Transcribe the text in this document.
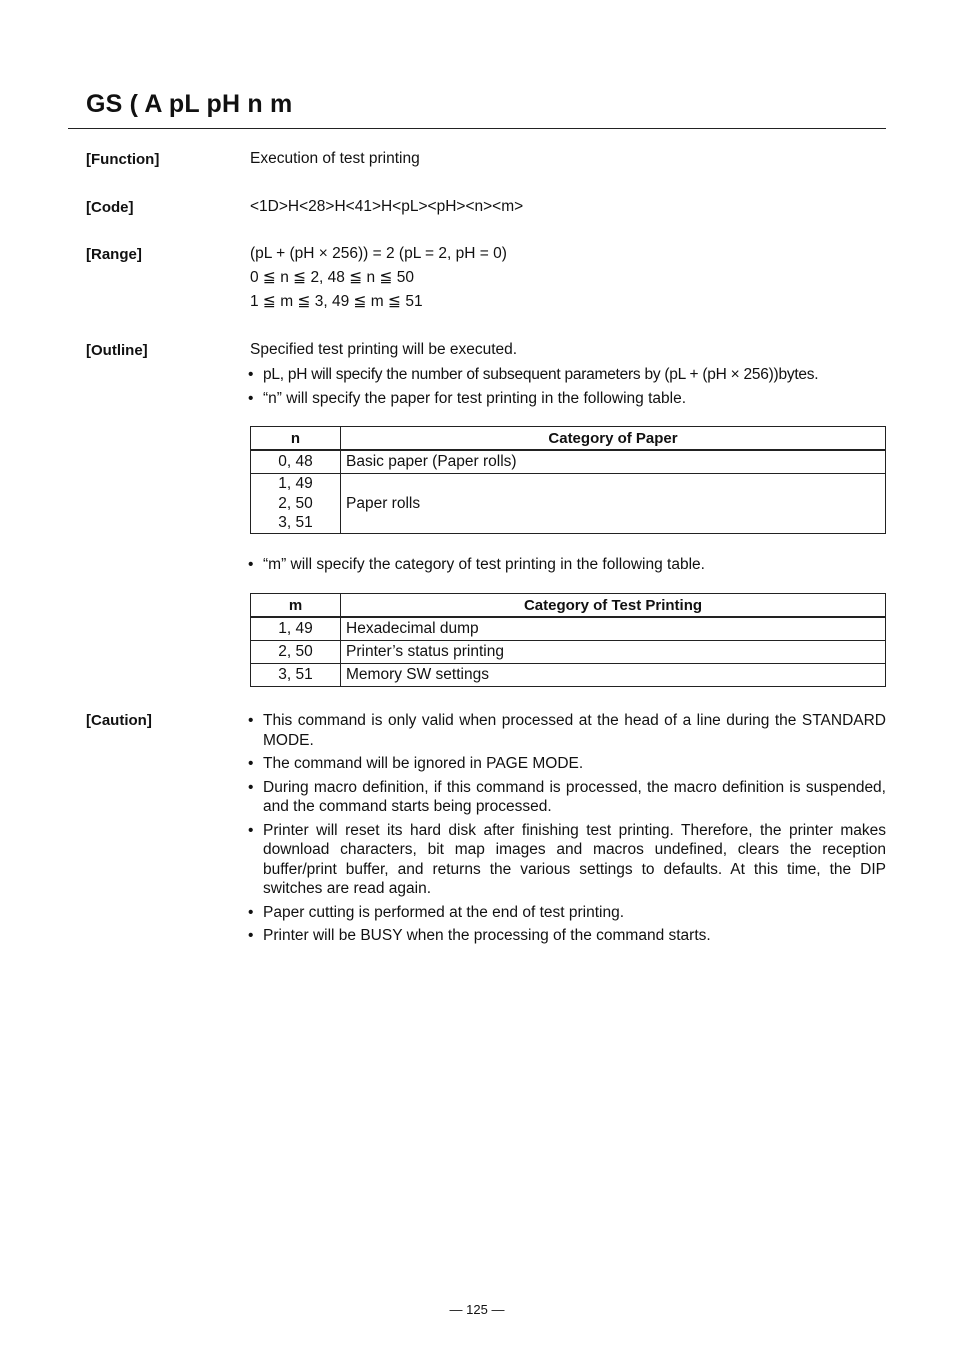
GS ( A pL pH n m
[Function]	Execution of test printing
[Code]	<1D>H<28>H<41>H<pL><pH><n><m>
[Range]	(pL + (pH × 256)) = 2 (pL = 2, pH = 0)
0 ≦ n ≦ 2, 48 ≦ n ≦ 50
1 ≦ m ≦ 3, 49 ≦ m ≦ 51
[Outline]	Specified test printing will be executed.
• pL, pH will specify the number of subsequent parameters by (pL + (pH × 256))bytes.
• “n” will specify the paper for test printing in the following table.
n	Category of Paper
0, 48	Basic paper (Paper rolls)

1, 49
2, 50
3, 51	Paper rolls
• “m” will specify the category of test printing in the following table.
m	Category of Test Printing
1, 49	Hexadecimal dump
2, 50	Printer’s status printing
3, 51	Memory SW settings
[Caution]	• This command is only valid when processed at the head of a line during the STANDARD MODE.
• The command will be ignored in PAGE MODE.
• During macro definition, if this command is processed, the macro definition is suspended, and the command starts being processed.
• Printer will reset its hard disk after finishing test printing. Therefore, the printer makes download characters, bit map images and macros undefined, clears the reception buffer/print buffer, and returns the various settings to defaults. At this time, the DIP switches are read again.
• Paper cutting is performed at the end of test printing.
• Printer will be BUSY when the processing of the command starts.
— 125 —
